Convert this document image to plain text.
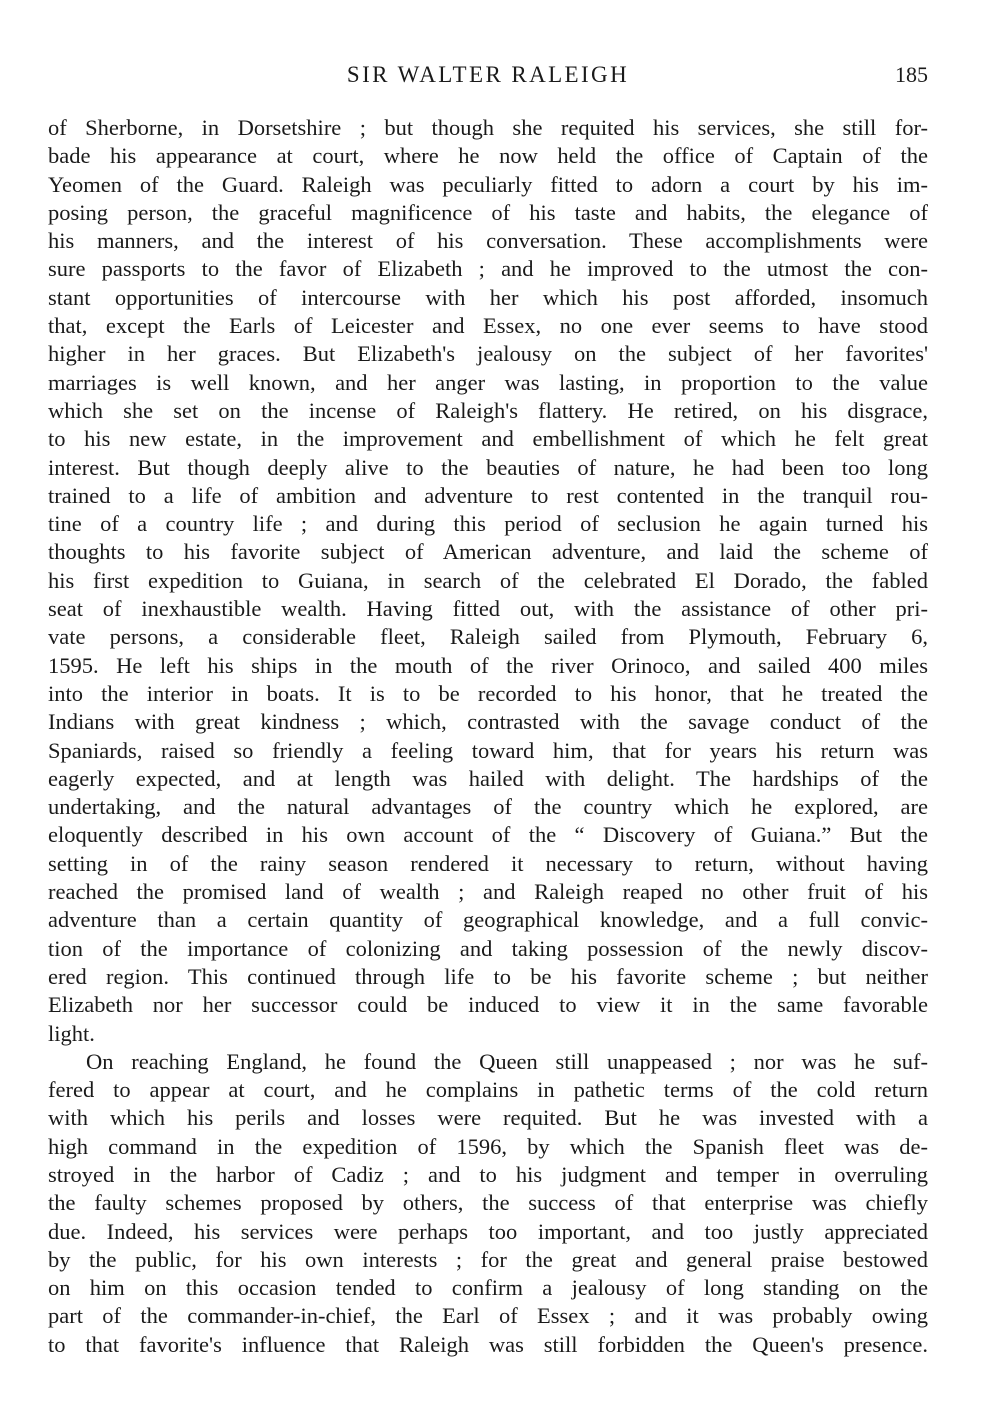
SIR WALTER RALEIGH	185
of Sherborne, in Dorsetshire ; but though she requited his services, she still for-
bade his appearance at court, where he now held the office of Captain of the
Yeomen of the Guard. Raleigh was peculiarly fitted to adorn a court by his im-
posing person, the graceful magnificence of his taste and habits, the elegance of
his manners, and the interest of his conversation. These accomplishments were
sure passports to the favor of Elizabeth ; and he improved to the utmost the con-
stant opportunities of intercourse with her which his post afforded, insomuch
that, except the Earls of Leicester and Essex, no one ever seems to have stood
higher in her graces. But Elizabeth's jealousy on the subject of her favorites'
marriages is well known, and her anger was lasting, in proportion to the value
which she set on the incense of Raleigh's flattery. He retired, on his disgrace,
to his new estate, in the improvement and embellishment of which he felt great
interest. But though deeply alive to the beauties of nature, he had been too long
trained to a life of ambition and adventure to rest contented in the tranquil rou-
tine of a country life ; and during this period of seclusion he again turned his
thoughts to his favorite subject of American adventure, and laid the scheme of
his first expedition to Guiana, in search of the celebrated El Dorado, the fabled
seat of inexhaustible wealth. Having fitted out, with the assistance of other pri-
vate persons, a considerable fleet, Raleigh sailed from Plymouth, February 6,
1595. He left his ships in the mouth of the river Orinoco, and sailed 400 miles
into the interior in boats. It is to be recorded to his honor, that he treated the
Indians with great kindness ; which, contrasted with the savage conduct of the
Spaniards, raised so friendly a feeling toward him, that for years his return was
eagerly expected, and at length was hailed with delight. The hardships of the
undertaking, and the natural advantages of the country which he explored, are
eloquently described in his own account of the “ Discovery of Guiana.” But the
setting in of the rainy season rendered it necessary to return, without having
reached the promised land of wealth ; and Raleigh reaped no other fruit of his
adventure than a certain quantity of geographical knowledge, and a full convic-
tion of the importance of colonizing and taking possession of the newly discov-
ered region. This continued through life to be his favorite scheme ; but neither
Elizabeth nor her successor could be induced to view it in the same favorable
light.
On reaching England, he found the Queen still unappeased ; nor was he suf-
fered to appear at court, and he complains in pathetic terms of the cold return
with which his perils and losses were requited. But he was invested with a
high command in the expedition of 1596, by which the Spanish fleet was de-
stroyed in the harbor of Cadiz ; and to his judgment and temper in overruling
the faulty schemes proposed by others, the success of that enterprise was chiefly
due. Indeed, his services were perhaps too important, and too justly appreciated
by the public, for his own interests ; for the great and general praise bestowed
on him on this occasion tended to confirm a jealousy of long standing on the
part of the commander-in-chief, the Earl of Essex ; and it was probably owing
to that favorite's influence that Raleigh was still forbidden the Queen's presence.
